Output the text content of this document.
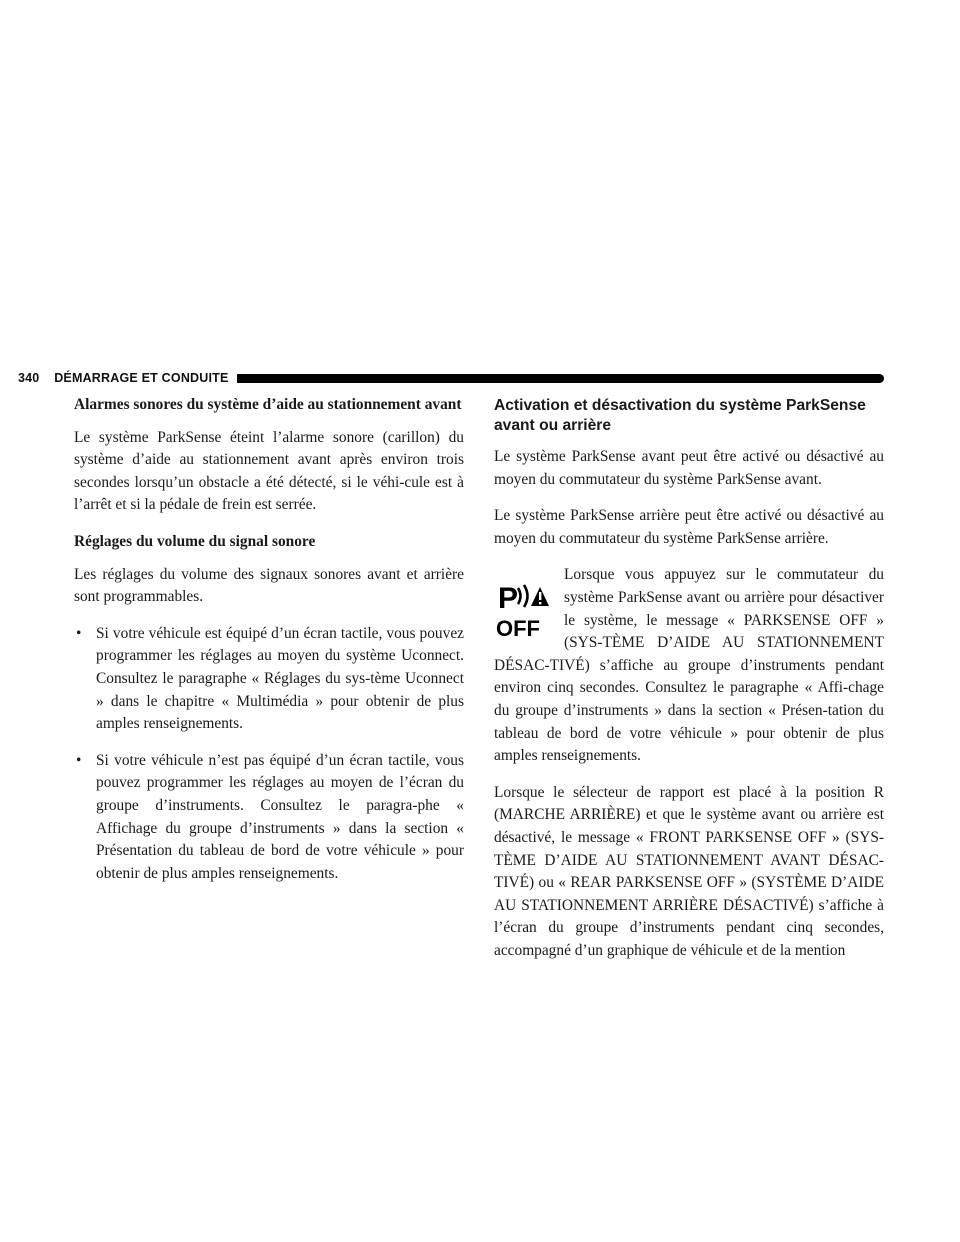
340 DÉMARRAGE ET CONDUITE

Alarmes sonores du système d’aide au stationnement avant

Le système ParkSense éteint l’alarme sonore (carillon) du système d’aide au stationnement avant après environ trois secondes lorsqu’un obstacle a été détecté, si le véhi-cule est à l’arrêt et si la pédale de frein est serrée.

Réglages du volume du signal sonore

Les réglages du volume des signaux sonores avant et arrière sont programmables.

• Si votre véhicule est équipé d’un écran tactile, vous pouvez programmer les réglages au moyen du système Uconnect. Consultez le paragraphe « Réglages du sys-tème Uconnect » dans le chapitre « Multimédia » pour obtenir de plus amples renseignements.
• Si votre véhicule n’est pas équipé d’un écran tactile, vous pouvez programmer les réglages au moyen de l’écran du groupe d’instruments. Consultez le paragra-phe « Affichage du groupe d’instruments » dans la section « Présentation du tableau de bord de votre véhicule » pour obtenir de plus amples renseignements.

Activation et désactivation du système ParkSense avant ou arrière

Le système ParkSense avant peut être activé ou désactivé au moyen du commutateur du système ParkSense avant.

Le système ParkSense arrière peut être activé ou désactivé au moyen du commutateur du système ParkSense arrière.

P
OFF

Lorsque vous appuyez sur le commutateur du système ParkSense avant ou arrière pour désactiver le système, le message « PARKSENSE OFF » (SYS-TÈME D’AIDE AU STATIONNEMENT DÉSAC-TIVÉ) s’affiche au groupe d’instruments pendant environ cinq secondes. Consultez le paragraphe « Affi-chage du groupe d’instruments » dans la section « Présen-tation du tableau de bord de votre véhicule » pour obtenir de plus amples renseignements.

Lorsque le sélecteur de rapport est placé à la position R (MARCHE ARRIÈRE) et que le système avant ou arrière est désactivé, le message « FRONT PARKSENSE OFF » (SYS-TÈME D’AIDE AU STATIONNEMENT AVANT DÉSAC-TIVÉ) ou « REAR PARKSENSE OFF » (SYSTÈME D’AIDE AU STATIONNEMENT ARRIÈRE DÉSACTIVÉ) s’affiche à l’écran du groupe d’instruments pendant cinq secondes, accompagné d’un graphique de véhicule et de la mention
